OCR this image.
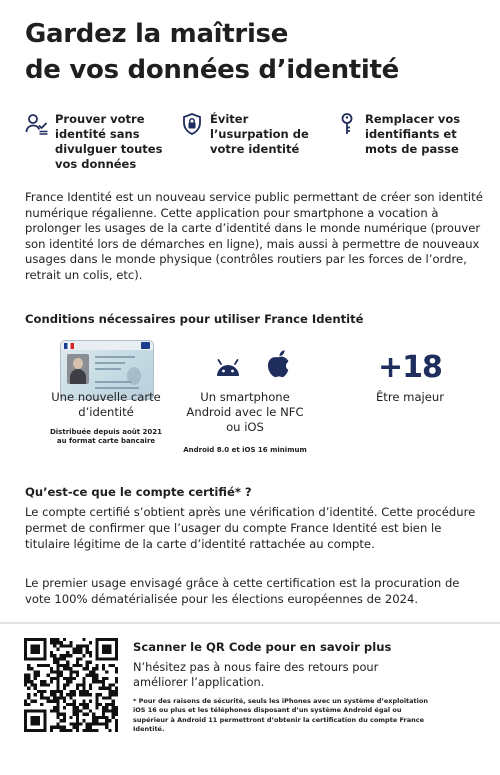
Gardez la maîtrise
de vos données d’identité
Prouver votre identité sans divulguer toutes vos données
Éviter l’usurpation de votre identité
Remplacer vos identifiants et mots de passe
France Identité est un nouveau service public permettant de créer son identité numérique régalienne. Cette application pour smartphone a vocation à prolonger les usages de la carte d’identité dans le monde numérique (prouver son identité lors de démarches en ligne), mais aussi à permettre de nouveaux usages dans le monde physique (contrôles routiers par les forces de l’ordre, retrait un colis, etc).
Conditions nécessaires pour utiliser France Identité
Une nouvelle carte d’identité
Distribuée depuis août 2021 au format carte bancaire
Un smartphone Android avec le NFC ou iOS
Android 8.0 et iOS 16 minimum
+18
Être majeur
Qu’est-ce que le compte certifié* ?
Le compte certifié s’obtient après une vérification d’identité. Cette procédure permet de confirmer que l’usager du compte France Identité est bien le titulaire légitime de la carte d’identité rattachée au compte.
Le premier usage envisagé grâce à cette certification est la procuration de vote 100% dématérialisée pour les élections européennes de 2024.
Scanner le QR Code pour en savoir plus
N’hésitez pas à nous faire des retours pour améliorer l’application.
* Pour des raisons de sécurité, seuls les iPhones avec un système d’exploitation iOS 16 ou plus et les téléphones disposant d’un système Android égal ou supérieur à Android 11 permettront d’obtenir la certification du compte France Identité.
